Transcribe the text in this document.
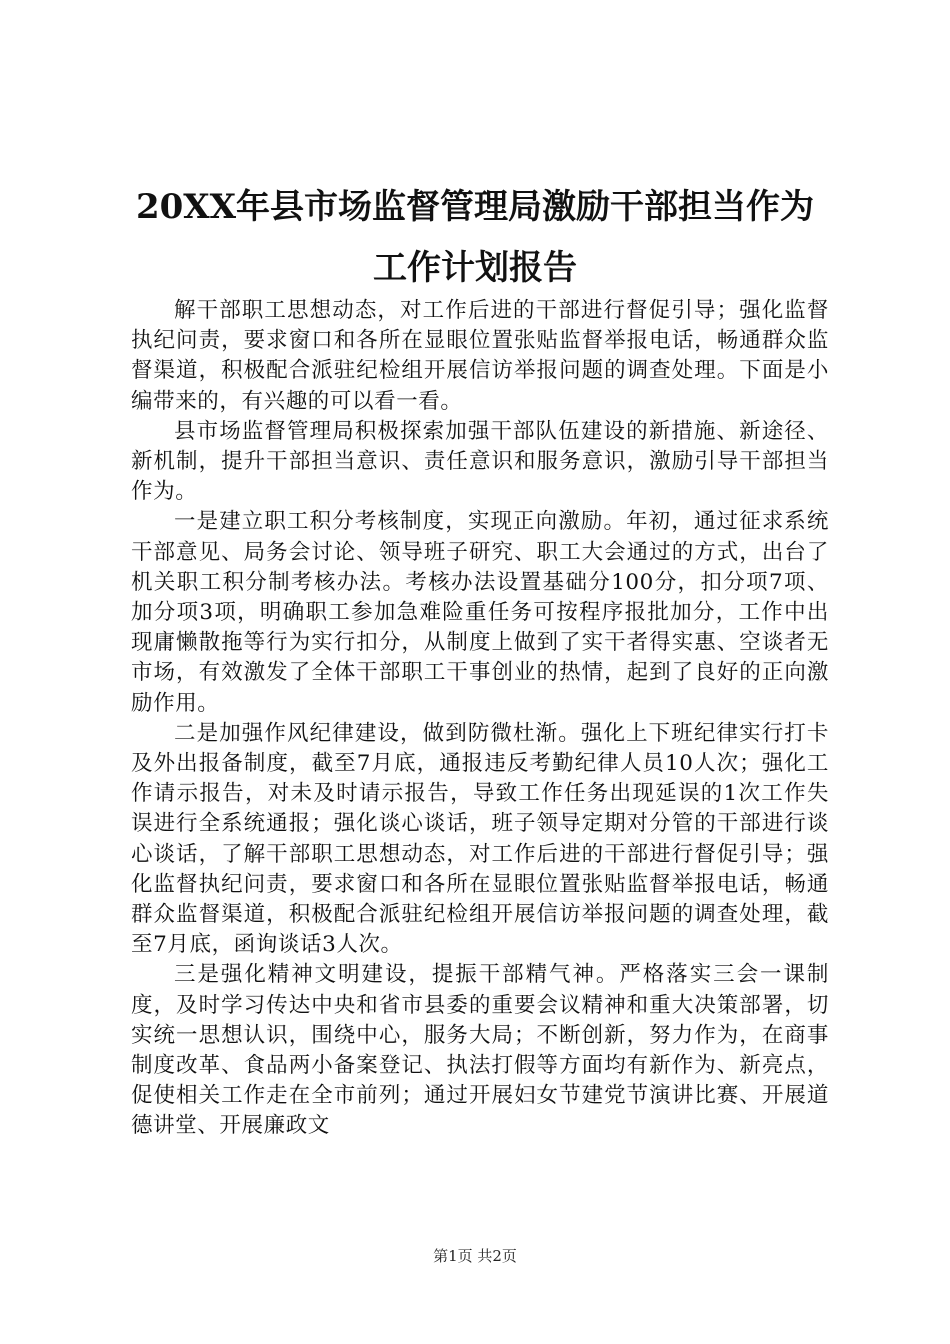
20XX年县市场监督管理局激励干部担当作为
工作计划报告

解干部职工思想动态，对工作后进的干部进行督促引导；强化监督执纪问责，要求窗口和各所在显眼位置张贴监督举报电话，畅通群众监督渠道，积极配合派驻纪检组开展信访举报问题的调查处理。下面是小编带来的，有兴趣的可以看一看。

县市场监督管理局积极探索加强干部队伍建设的新措施、新途径、新机制，提升干部担当意识、责任意识和服务意识，激励引导干部担当作为。

一是建立职工积分考核制度，实现正向激励。年初，通过征求系统干部意见、局务会讨论、领导班子研究、职工大会通过的方式，出台了机关职工积分制考核办法。考核办法设置基础分100分，扣分项7项、加分项3项，明确职工参加急难险重任务可按程序报批加分，工作中出现庸懒散拖等行为实行扣分，从制度上做到了实干者得实惠、空谈者无市场，有效激发了全体干部职工干事创业的热情，起到了良好的正向激励作用。

二是加强作风纪律建设，做到防微杜渐。强化上下班纪律实行打卡及外出报备制度，截至7月底，通报违反考勤纪律人员10人次；强化工作请示报告，对未及时请示报告，导致工作任务出现延误的1次工作失误进行全系统通报；强化谈心谈话，班子领导定期对分管的干部进行谈心谈话，了解干部职工思想动态，对工作后进的干部进行督促引导；强化监督执纪问责，要求窗口和各所在显眼位置张贴监督举报电话，畅通群众监督渠道，积极配合派驻纪检组开展信访举报问题的调查处理，截至7月底，函询谈话3人次。

三是强化精神文明建设，提振干部精气神。严格落实三会一课制度，及时学习传达中央和省市县委的重要会议精神和重大决策部署，切实统一思想认识，围绕中心，服务大局；不断创新，努力作为，在商事制度改革、食品两小备案登记、执法打假等方面均有新作为、新亮点，促使相关工作走在全市前列；通过开展妇女节建党节演讲比赛、开展道德讲堂、开展廉政文

第1页 共2页
